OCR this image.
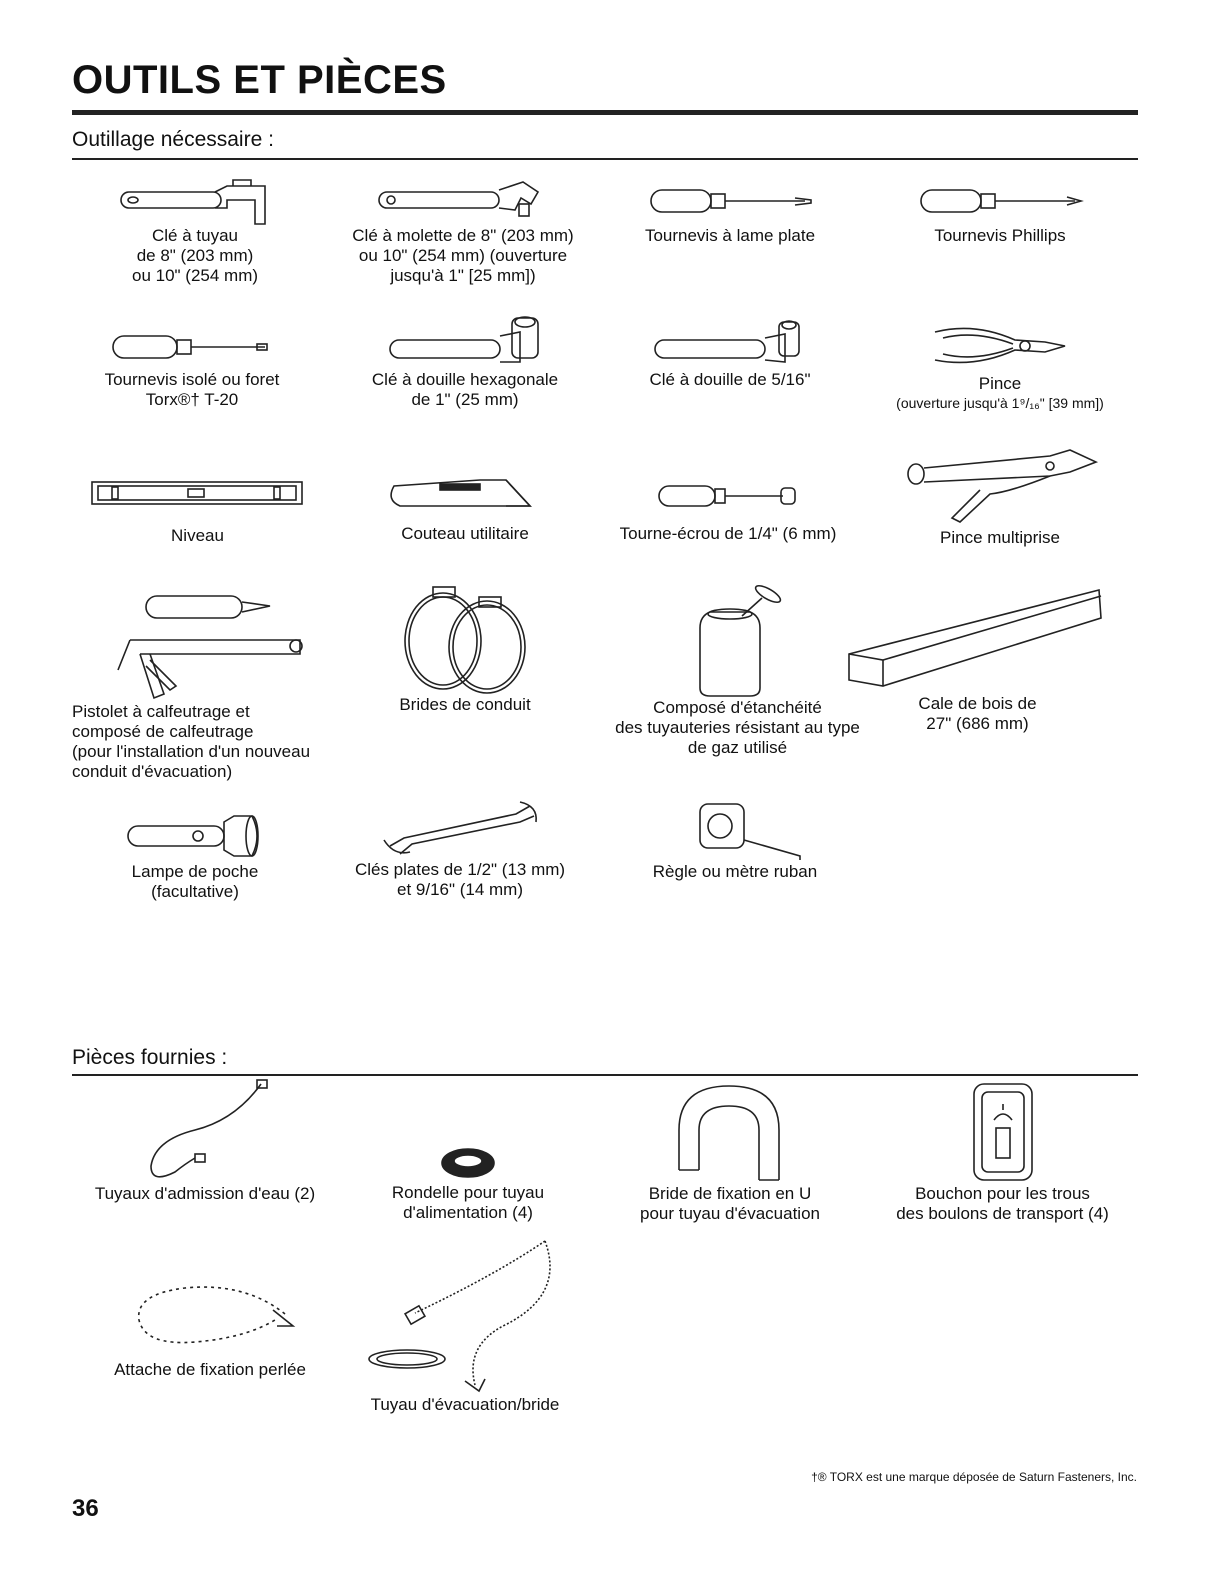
OUTILS ET PIÈCES
Outillage nécessaire :
Clé à tuyau
de 8" (203 mm)
ou 10" (254 mm)
Clé à molette de 8" (203 mm)
ou 10" (254 mm) (ouverture
jusqu'à 1" [25 mm])
Tournevis à lame plate	Tournevis Phillips
Tournevis isolé ou foret
Torx®† T-20
Clé à douille hexagonale
de 1" (25 mm)
Clé à douille de 5/16"	Pince
(ouverture jusqu'à 1⁹/₁₆" [39 mm])
Niveau	Couteau utilitaire	Tourne-écrou de 1/4" (6 mm)	Pince multiprise
Pistolet à calfeutrage et
composé de calfeutrage
(pour l'installation d'un nouveau
conduit d'évacuation)
Brides de conduit	Composé d'étanchéité
des tuyauteries résistant au type
de gaz utilisé
Cale de bois de
27" (686 mm)
Lampe de poche
(facultative)
Clés plates de 1/2" (13 mm)
et 9/16" (14 mm)
Règle ou mètre ruban
Pièces fournies :
Tuyaux d'admission d'eau (2)	Rondelle pour tuyau
d'alimentation (4)
Bride de fixation en U
pour tuyau d'évacuation
Bouchon pour les trous
des boulons de transport (4)
Attache de fixation perlée
Tuyau d'évacuation/bride
†® TORX est une marque déposée de Saturn Fasteners, Inc.
36
